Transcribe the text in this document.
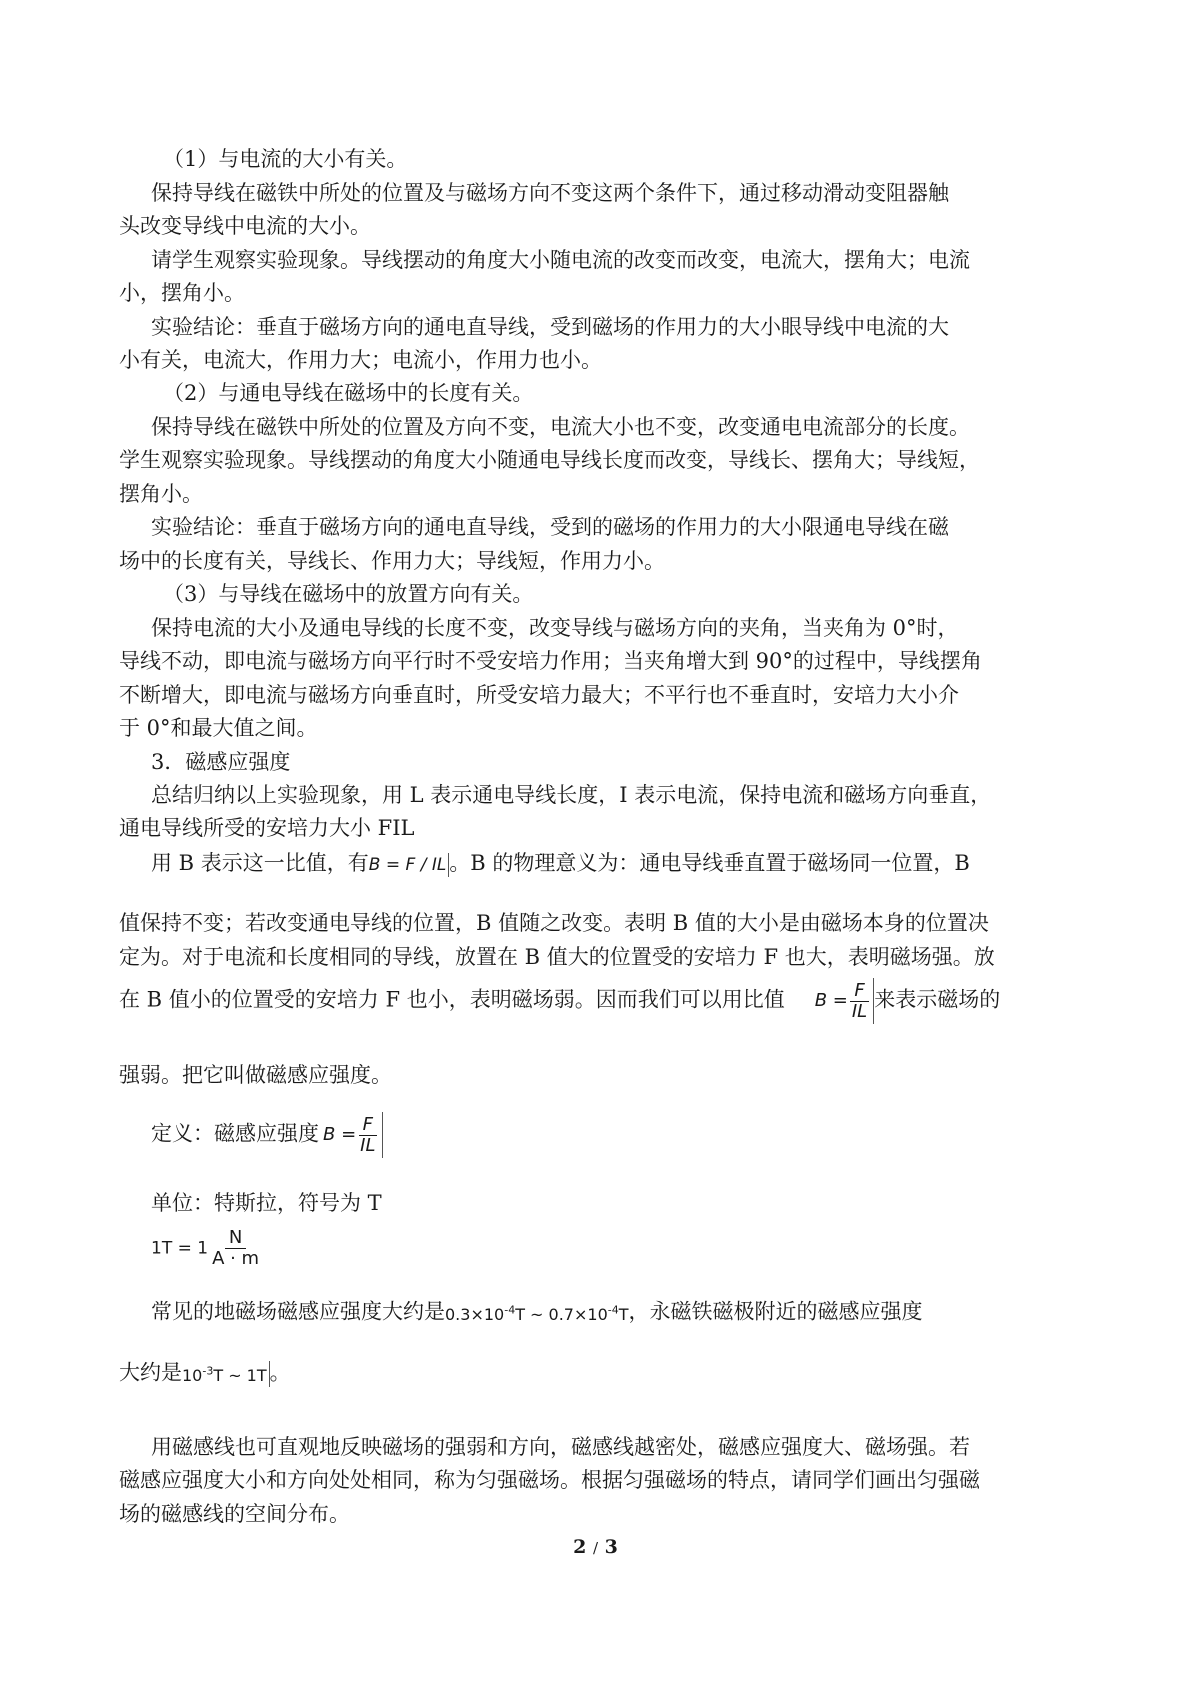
（1）与电流的大小有关。
保持导线在磁铁中所处的位置及与磁场方向不变这两个条件下，通过移动滑动变阻器触
头改变导线中电流的大小。
请学生观察实验现象。导线摆动的角度大小随电流的改变而改变，电流大，摆角大；电流
小，摆角小。
实验结论：垂直于磁场方向的通电直导线，受到磁场的作用力的大小眼导线中电流的大
小有关，电流大，作用力大；电流小，作用力也小。
（2）与通电导线在磁场中的长度有关。
保持导线在磁铁中所处的位置及方向不变，电流大小也不变，改变通电电流部分的长度。
学生观察实验现象。导线摆动的角度大小随通电导线长度而改变，导线长、摆角大；导线短，
摆角小。
实验结论：垂直于磁场方向的通电直导线，受到的磁场的作用力的大小限通电导线在磁
场中的长度有关，导线长、作用力大；导线短，作用力小。
（3）与导线在磁场中的放置方向有关。
保持电流的大小及通电导线的长度不变，改变导线与磁场方向的夹角，当夹角为 0°时，
导线不动，即电流与磁场方向平行时不受安培力作用；当夹角增大到 90°的过程中，导线摆角
不断增大，即电流与磁场方向垂直时，所受安培力最大；不平行也不垂直时，安培力大小介
于 0°和最大值之间。
3．磁感应强度
总结归纳以上实验现象，用 L 表示通电导线长度，I 表示电流，保持电流和磁场方向垂直，
通电导线所受的安培力大小 FIL
用 B 表示这一比值，有B = F / IL 。B 的物理意义为：通电导线垂直置于磁场同一位置，B
值保持不变；若改变通电导线的位置，B 值随之改变。表明 B 值的大小是由磁场本身的位置决
定为。对于电流和长度相同的导线，放置在 B 值大的位置受的安培力 F 也大，表明磁场强。放
在 B 值小的位置受的安培力 F 也小，表明磁场弱。因而我们可以用比值 $B = \frac{F}{IL}$ 来表示磁场的
强弱。把它叫做磁感应强度。
定义：磁感应强度 $B = \frac{F}{IL}$
单位：特斯拉，符号为 T
$1T = 1 \frac{N}{A \cdot m}$
常见的地磁场磁感应强度大约是$0.3\times 10^{-4}T$ ~ $0.7\times 10^{-4}T$，永磁铁磁极附近的磁感应强度
大约是$10^{-3}T$ ~ 1T 。
用磁感线也可直观地反映磁场的强弱和方向，磁感线越密处，磁感应强度大、磁场强。若
磁感应强度大小和方向处处相同，称为匀强磁场。根据匀强磁场的特点，请同学们画出匀强磁
场的磁感线的空间分布。
2 / 3
